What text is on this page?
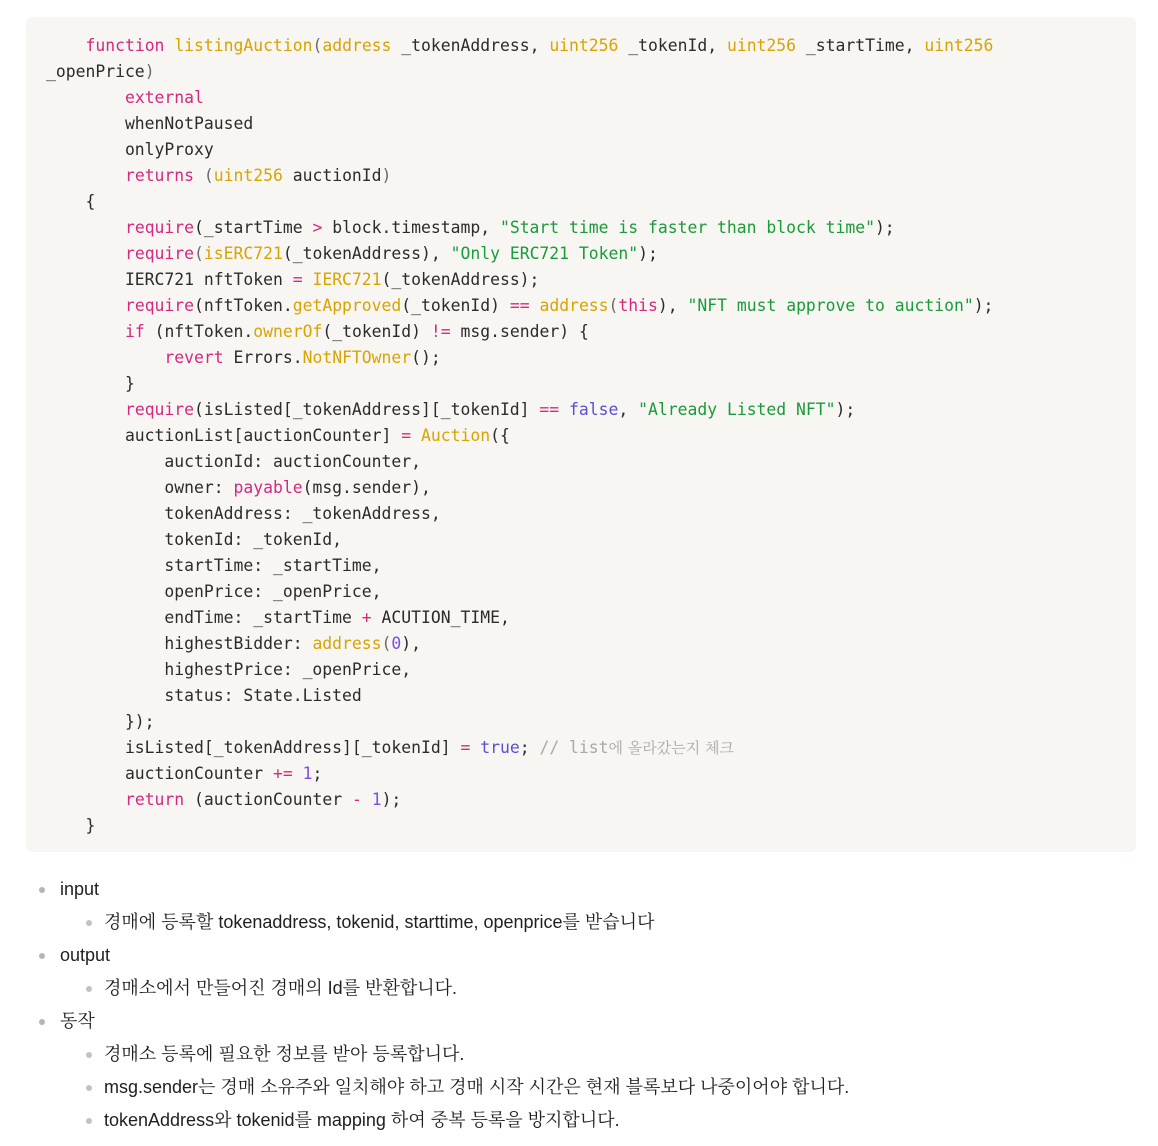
function listingAuction(address _tokenAddress, uint256 _tokenId, uint256 _startTime, uint256
_openPrice)
external
whenNotPaused
onlyProxy
returns (uint256 auctionId)
{
require(_startTime > block.timestamp, "Start time is faster than block time");
require(isERC721(_tokenAddress), "Only ERC721 Token");
IERC721 nftToken = IERC721(_tokenAddress);
require(nftToken.getApproved(_tokenId) == address(this), "NFT must approve to auction");
if (nftToken.ownerOf(_tokenId) != msg.sender) {
revert Errors.NotNFTOwner();
}
require(isListed[_tokenAddress][_tokenId] == false, "Already Listed NFT");
auctionList[auctionCounter] = Auction({
auctionId: auctionCounter,
owner: payable(msg.sender),
tokenAddress: _tokenAddress,
tokenId: _tokenId,
startTime: _startTime,
openPrice: _openPrice,
endTime: _startTime + ACUTION_TIME,
highestBidder: address(0),
highestPrice: _openPrice,
status: State.Listed
});
isListed[_tokenAddress][_tokenId] = true; // list에 올라갔는지 체크
auctionCounter += 1;
return (auctionCounter - 1);
}
input
경매에 등록할 tokenaddress, tokenid, starttime, openprice를 받습니다
output
경매소에서 만들어진 경매의 Id를 반환합니다.
동작
경매소 등록에 필요한 정보를 받아 등록합니다.
msg.sender는 경매 소유주와 일치해야 하고 경매 시작 시간은 현재 블록보다 나중이어야 합니다.
tokenAddress와 tokenid를 mapping 하여 중복 등록을 방지합니다.
